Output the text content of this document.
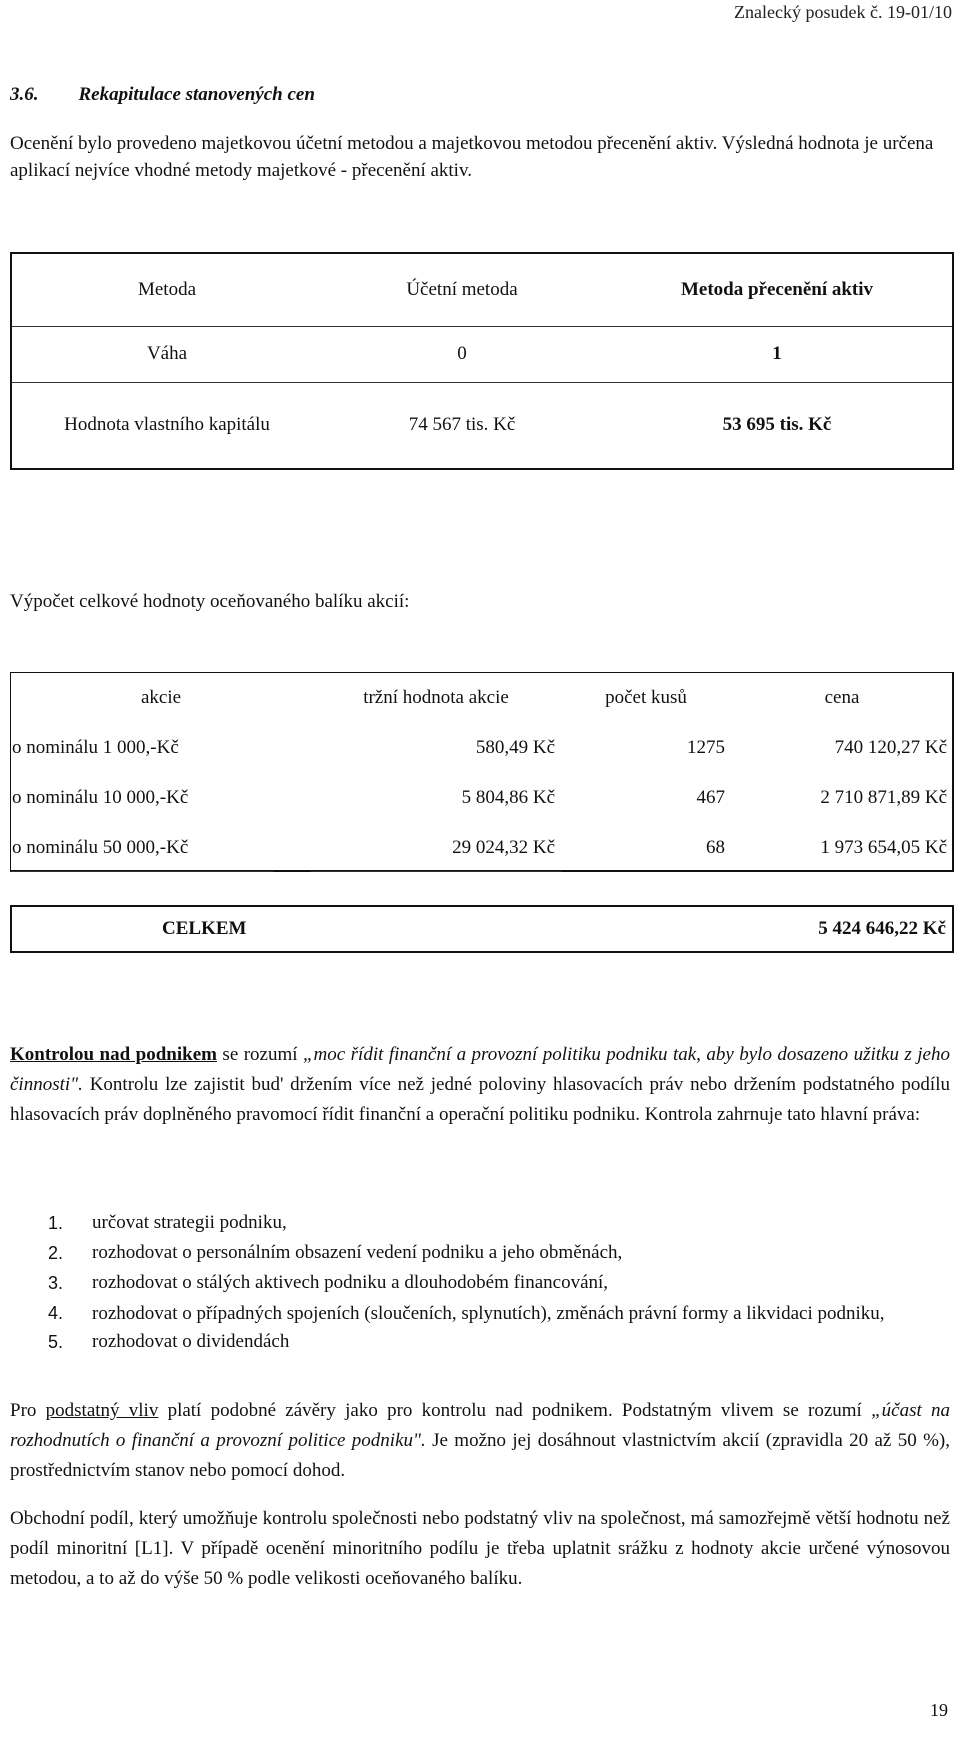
Znalecký posudek č. 19-01/10
3.6. Rekapitulace stanovených cen
Ocenění bylo provedeno majetkovou účetní metodou a majetkovou metodou přecenění aktiv. Výsledná hodnota je určena aplikací nejvíce vhodné metody majetkové - přecenění aktiv.
Metoda	Účetní metoda	Metoda přecenění aktiv
Váha	0	1
Hodnota vlastního kapitálu	74 567 tis. Kč	53 695 tis. Kč
Výpočet celkové hodnoty oceňovaného balíku akcií:
akcie	tržní hodnota akcie	počet kusů	cena
o nominálu 1 000,-Kč	580,49 Kč	1275	740 120,27 Kč
o nominálu 10 000,-Kč	5 804,86 Kč	467	2 710 871,89 Kč
o nominálu 50 000,-Kč	29 024,32 Kč	68	1 973 654,05 Kč
CELKEM	5 424 646,22 Kč
Kontrolou nad podnikem se rozumí „moc řídit finanční a provozní politiku podniku tak, aby bylo dosazeno užitku z jeho činnosti". Kontrolu lze zajistit bud' držením více než jedné poloviny hlasovacích práv nebo držením podstatného podílu hlasovacích práv doplněného pravomocí řídit finanční a operační politiku podniku. Kontrola zahrnuje tato hlavní práva:
1.	určovat strategii podniku,
2.	rozhodovat o personálním obsazení vedení podniku a jeho obměnách,
3.	rozhodovat o stálých aktivech podniku a dlouhodobém financování,
4.	rozhodovat o případných spojeních (sloučeních, splynutích), změnách právní formy a likvidaci podniku,
5.	rozhodovat o dividendách
Pro podstatný vliv platí podobné závěry jako pro kontrolu nad podnikem. Podstatným vlivem se rozumí „účast na rozhodnutích o finanční a provozní politice podniku". Je možno jej dosáhnout vlastnictvím akcií (zpravidla 20 až 50 %), prostřednictvím stanov nebo pomocí dohod.
Obchodní podíl, který umožňuje kontrolu společnosti nebo podstatný vliv na společnost, má samozřejmě větší hodnotu než podíl minoritní [L1]. V případě ocenění minoritního podílu je třeba uplatnit srážku z hodnoty akcie určené výnosovou metodou, a to až do výše 50 % podle velikosti oceňovaného balíku.
19
